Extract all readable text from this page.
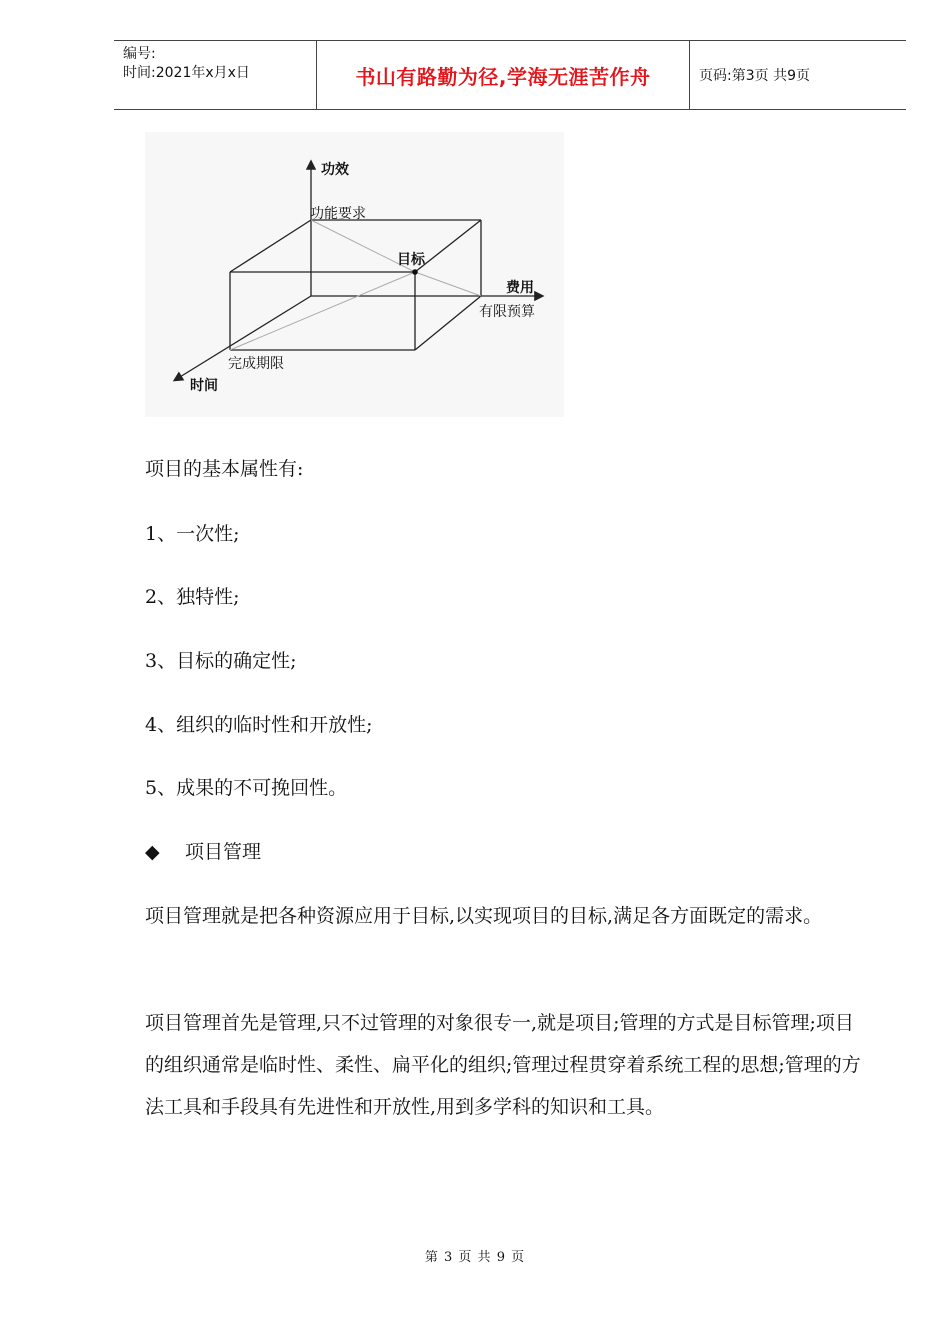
编号:
时间:2021年x月x日	书山有路勤为径,学海无涯苦作舟	页码:第3页 共9页
功效
功能要求
目标
费用
有限预算
完成期限
时间
项目的基本属性有:
1、一次性;
2、独特性;
3、目标的确定性;
4、组织的临时性和开放性;
5、成果的不可挽回性。
◆ 项目管理
项目管理就是把各种资源应用于目标,以实现项目的目标,满足各方面既定的需求。
项目管理首先是管理,只不过管理的对象很专一,就是项目;管理的方式是目标管理;项目的组织通常是临时性、柔性、扁平化的组织;管理过程贯穿着系统工程的思想;管理的方法工具和手段具有先进性和开放性,用到多学科的知识和工具。
第 3 页 共 9 页
